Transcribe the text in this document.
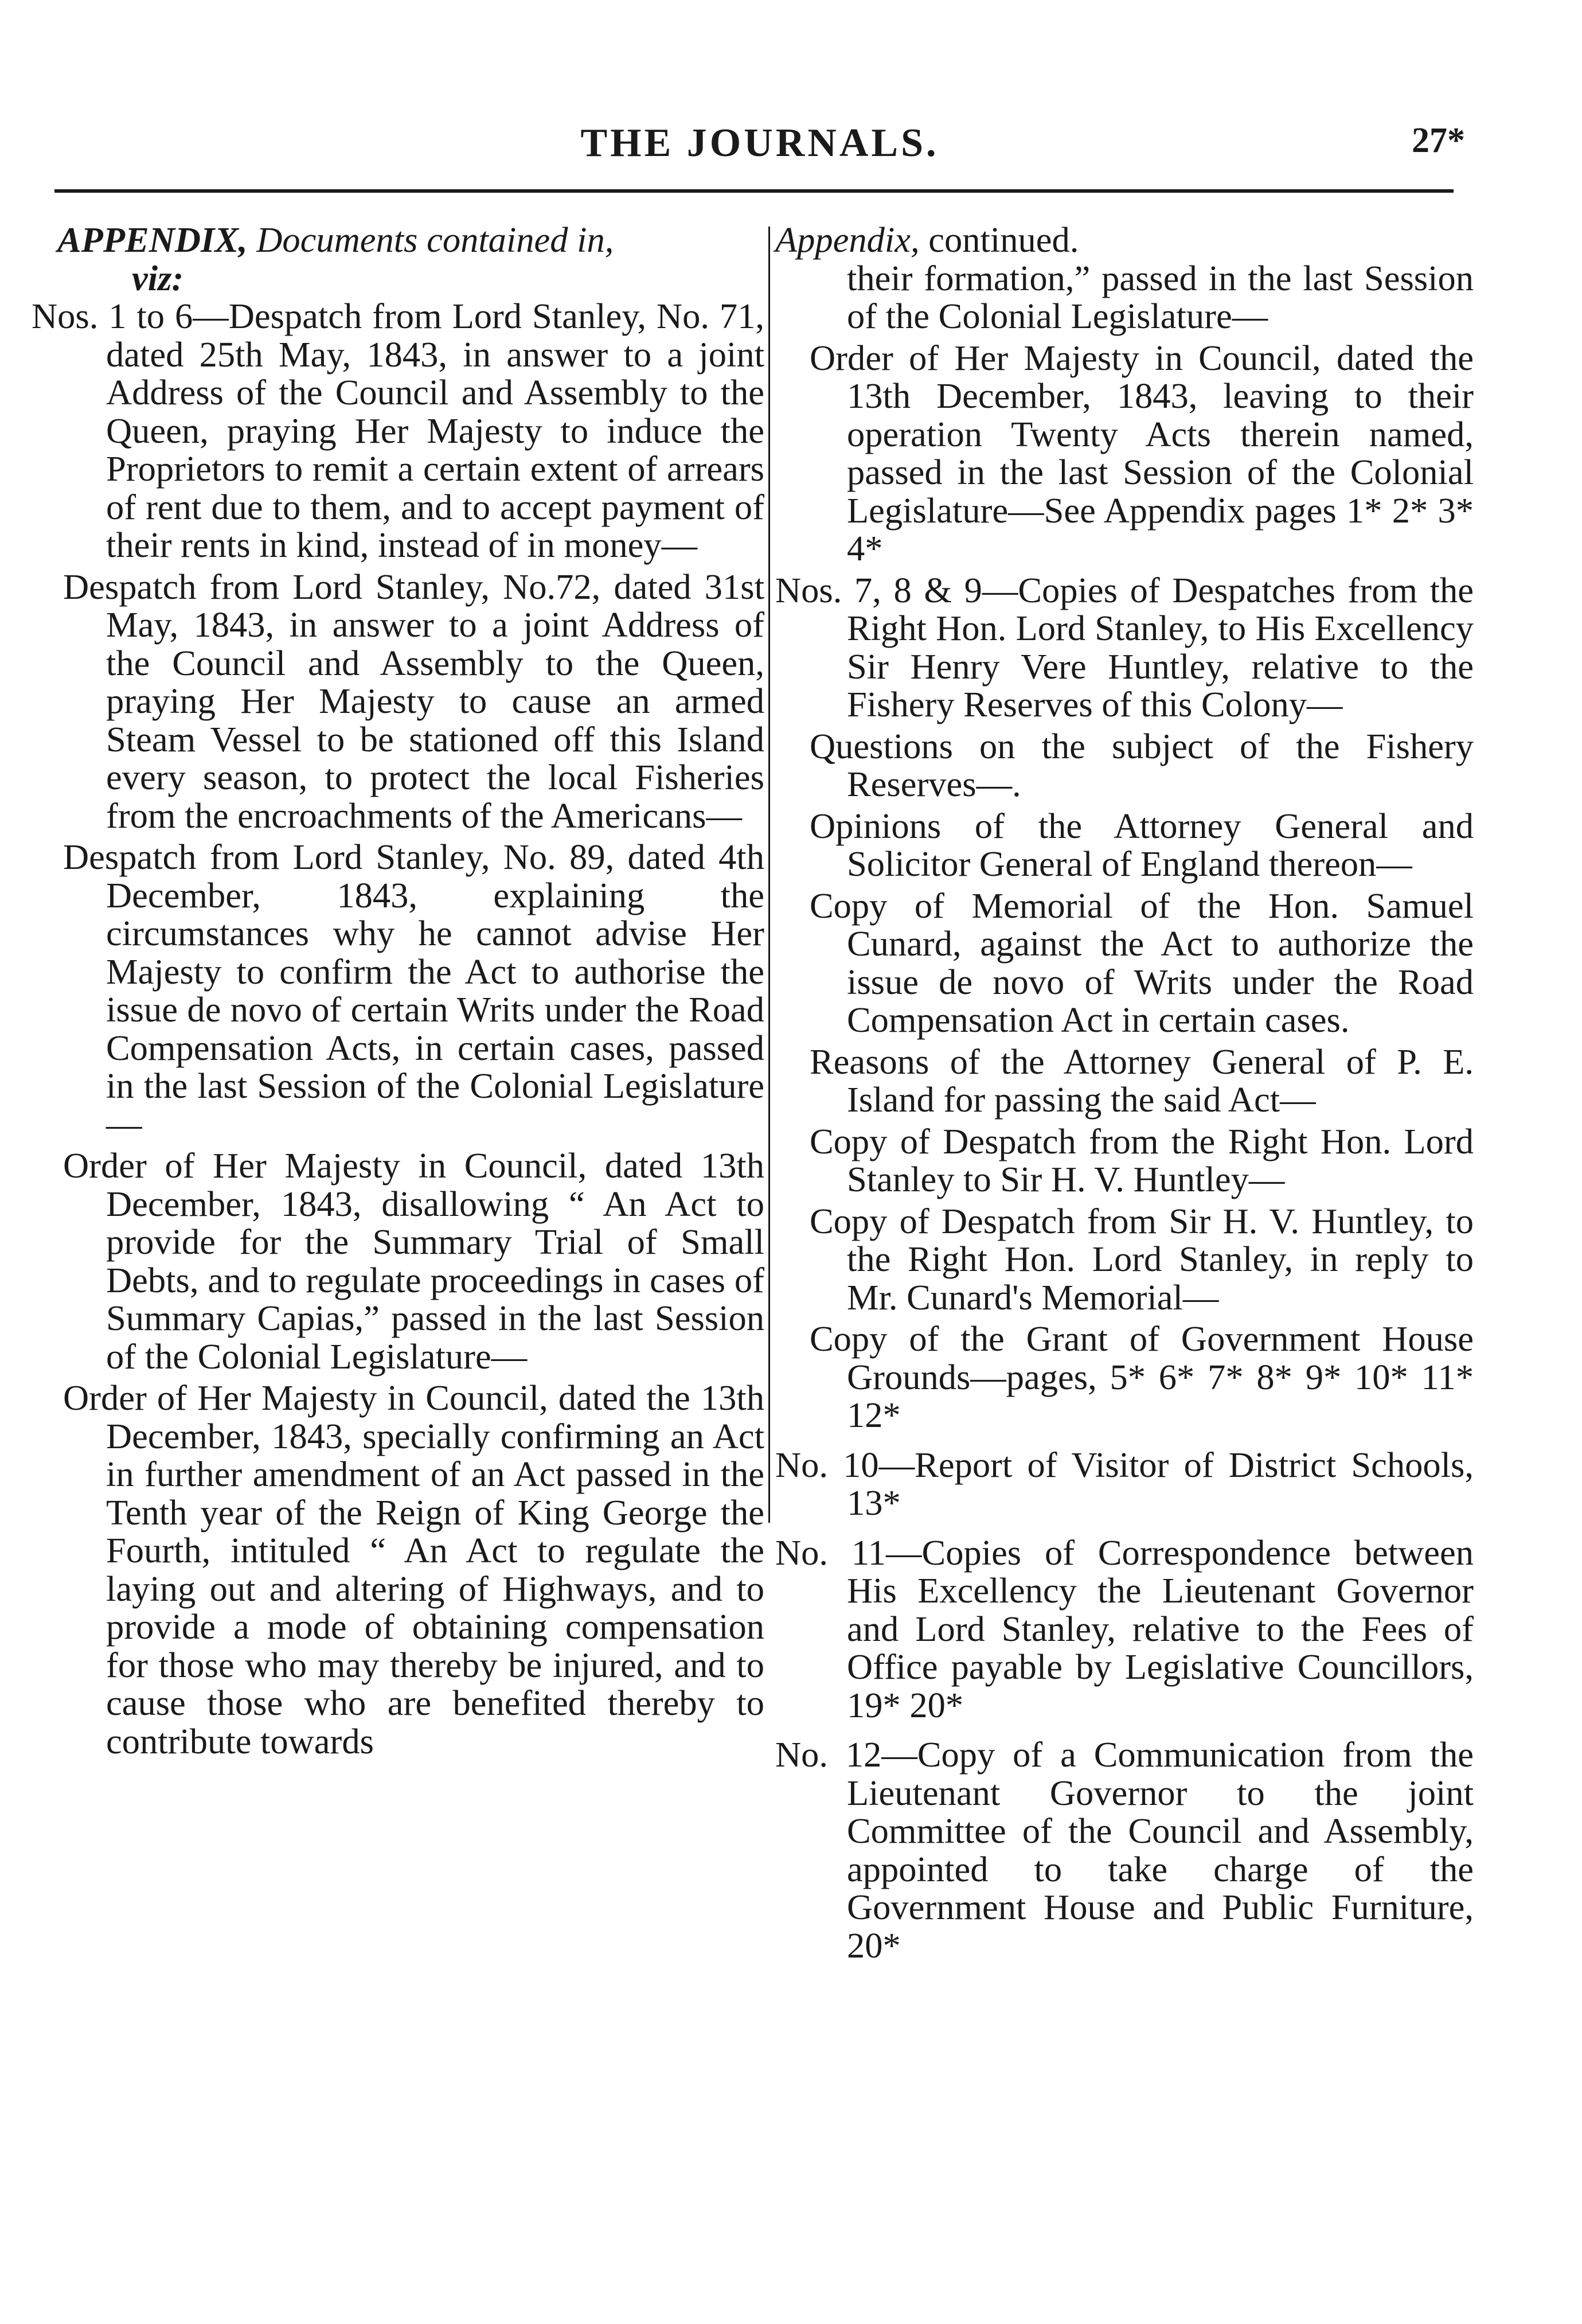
THE JOURNALS.	27*

APPENDIX, Documents contained in,
viz:

Nos. 1 to 6—Despatch from Lord Stanley, No. 71, dated 25th May, 1843, in answer to a joint Address of the Council and Assembly to the Queen, praying Her Majesty to induce the Proprietors to remit a certain extent of arrears of rent due to them, and to accept payment of their rents in kind, instead of in money—

Despatch from Lord Stanley, No.72, dated 31st May, 1843, in answer to a joint Address of the Council and Assembly to the Queen, praying Her Majesty to cause an armed Steam Vessel to be stationed off this Island every season, to protect the local Fisheries from the encroachments of the Americans—

Despatch from Lord Stanley, No. 89, dated 4th December, 1843, explaining the circumstances why he cannot advise Her Majesty to confirm the Act to authorise the issue de novo of certain Writs under the Road Compensation Acts, in certain cases, passed in the last Session of the Colonial Legislature—

Order of Her Majesty in Council, dated 13th December, 1843, disallowing “ An Act to provide for the Summary Trial of Small Debts, and to regulate proceedings in cases of Summary Capias,” passed in the last Session of the Colonial Legislature—

Order of Her Majesty in Council, dated the 13th December, 1843, specially confirming an Act in further amendment of an Act passed in the Tenth year of the Reign of King George the Fourth, intituled “ An Act to regulate the laying out and altering of Highways, and to provide a mode of obtaining compensation for those who may thereby be injured, and to cause those who are benefited thereby to contribute towards

Appendix, continued.

their formation,” passed in the last Session of the Colonial Legislature—

Order of Her Majesty in Council, dated the 13th December, 1843, leaving to their operation Twenty Acts therein named, passed in the last Session of the Colonial Legislature—See Appendix pages 1* 2* 3* 4*

Nos. 7, 8 & 9—Copies of Despatches from the Right Hon. Lord Stanley, to His Excellency Sir Henry Vere Huntley, relative to the Fishery Reserves of this Colony—

Questions on the subject of the Fishery Reserves—.

Opinions of the Attorney General and Solicitor General of England thereon—

Copy of Memorial of the Hon. Samuel Cunard, against the Act to authorize the issue de novo of Writs under the Road Compensation Act in certain cases.

Reasons of the Attorney General of P. E. Island for passing the said Act—

Copy of Despatch from the Right Hon. Lord Stanley to Sir H. V. Huntley—

Copy of Despatch from Sir H. V. Huntley, to the Right Hon. Lord Stanley, in reply to Mr. Cunard's Memorial—

Copy of the Grant of Government House Grounds—pages, 5* 6* 7* 8* 9* 10* 11* 12*

No. 10—Report of Visitor of District Schools, 13*

No. 11—Copies of Correspondence between His Excellency the Lieutenant Governor and Lord Stanley, relative to the Fees of Office payable by Legislative Councillors, 19* 20*

No. 12—Copy of a Communication from the Lieutenant Governor to the joint Committee of the Council and Assembly, appointed to take charge of the Government House and Public Furniture, 20*
